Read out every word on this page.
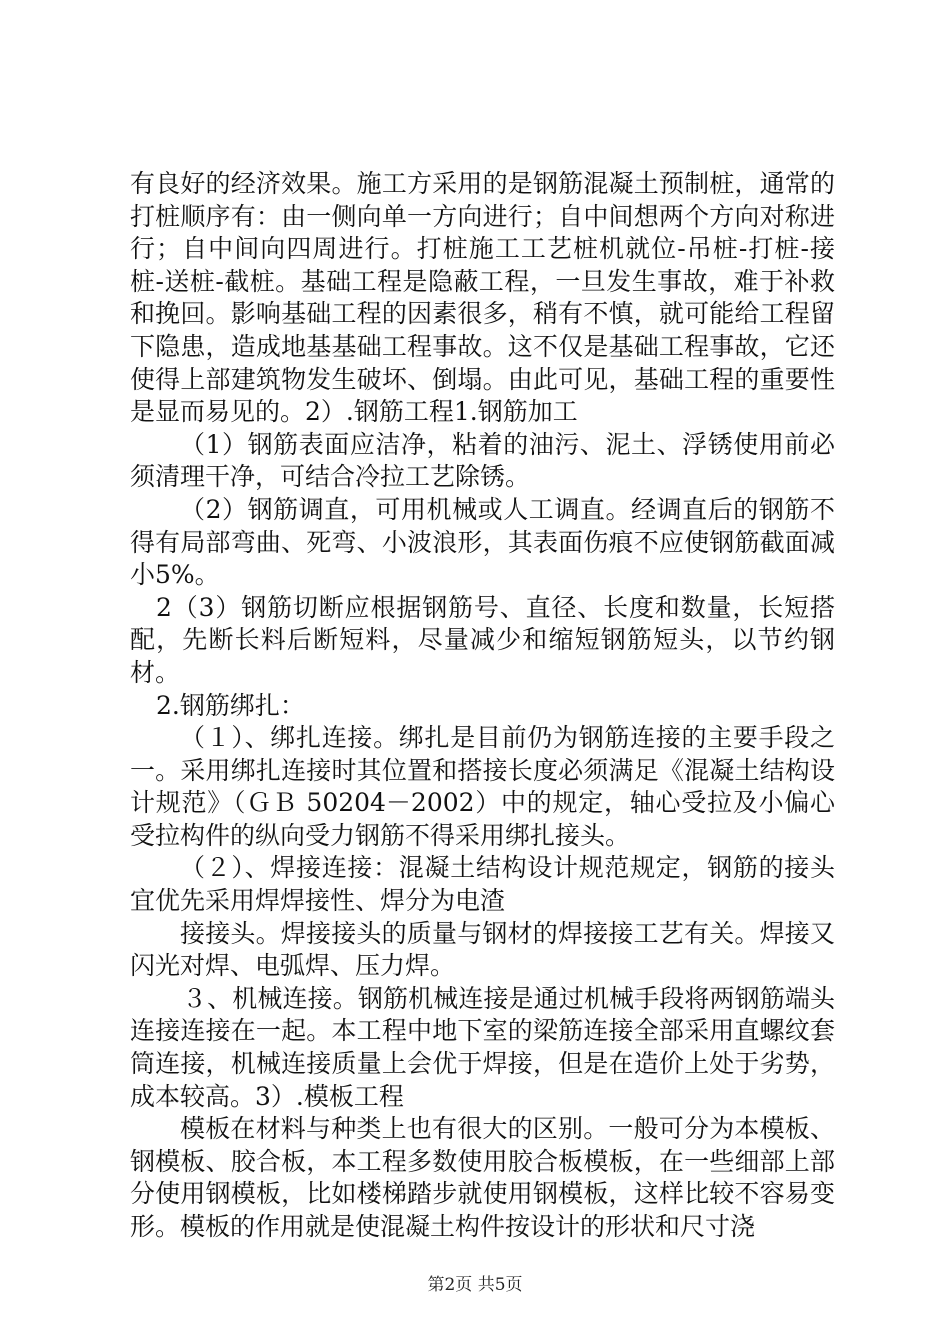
有良好的经济效果。施工方采用的是钢筋混凝土预制桩，通常的打桩顺序有：由一侧向单一方向进行；自中间想两个方向对称进行；自中间向四周进行。打桩施工工艺桩机就位-吊桩-打桩-接桩-送桩-截桩。基础工程是隐蔽工程，一旦发生事故，难于补救和挽回。影响基础工程的因素很多，稍有不慎，就可能给工程留下隐患，造成地基基础工程事故。这不仅是基础工程事故，它还使得上部建筑物发生破坏、倒塌。由此可见，基础工程的重要性是显而易见的。2）.钢筋工程1.钢筋加工

（1）钢筋表面应洁净，粘着的油污、泥土、浮锈使用前必须清理干净，可结合冷拉工艺除锈。

（2）钢筋调直，可用机械或人工调直。经调直后的钢筋不得有局部弯曲、死弯、小波浪形，其表面伤痕不应使钢筋截面减小5%。

2（3）钢筋切断应根据钢筋号、直径、长度和数量，长短搭配，先断长料后断短料，尽量减少和缩短钢筋短头，以节约钢材。

2.钢筋绑扎：

（１）、绑扎连接。绑扎是目前仍为钢筋连接的主要手段之一。采用绑扎连接时其位置和搭接长度必须满足《混凝土结构设计规范》（ＧＢ 50204－2002）中的规定，轴心受拉及小偏心受拉构件的纵向受力钢筋不得采用绑扎接头。

（２）、焊接连接：混凝土结构设计规范规定，钢筋的接头宜优先采用焊焊接性、焊分为电渣

接接头。焊接接头的质量与钢材的焊接接工艺有关。焊接又闪光对焊、电弧焊、压力焊。

３、机械连接。钢筋机械连接是通过机械手段将两钢筋端头连接连接在一起。本工程中地下室的梁筋连接全部采用直螺纹套筒连接，机械连接质量上会优于焊接，但是在造价上处于劣势，成本较高。3）.模板工程

模板在材料与种类上也有很大的区别。一般可分为本模板、钢模板、胶合板，本工程多数使用胶合板模板，在一些细部上部分使用钢模板，比如楼梯踏步就使用钢模板，这样比较不容易变形。模板的作用就是使混凝土构件按设计的形状和尺寸浇

第2页 共5页
